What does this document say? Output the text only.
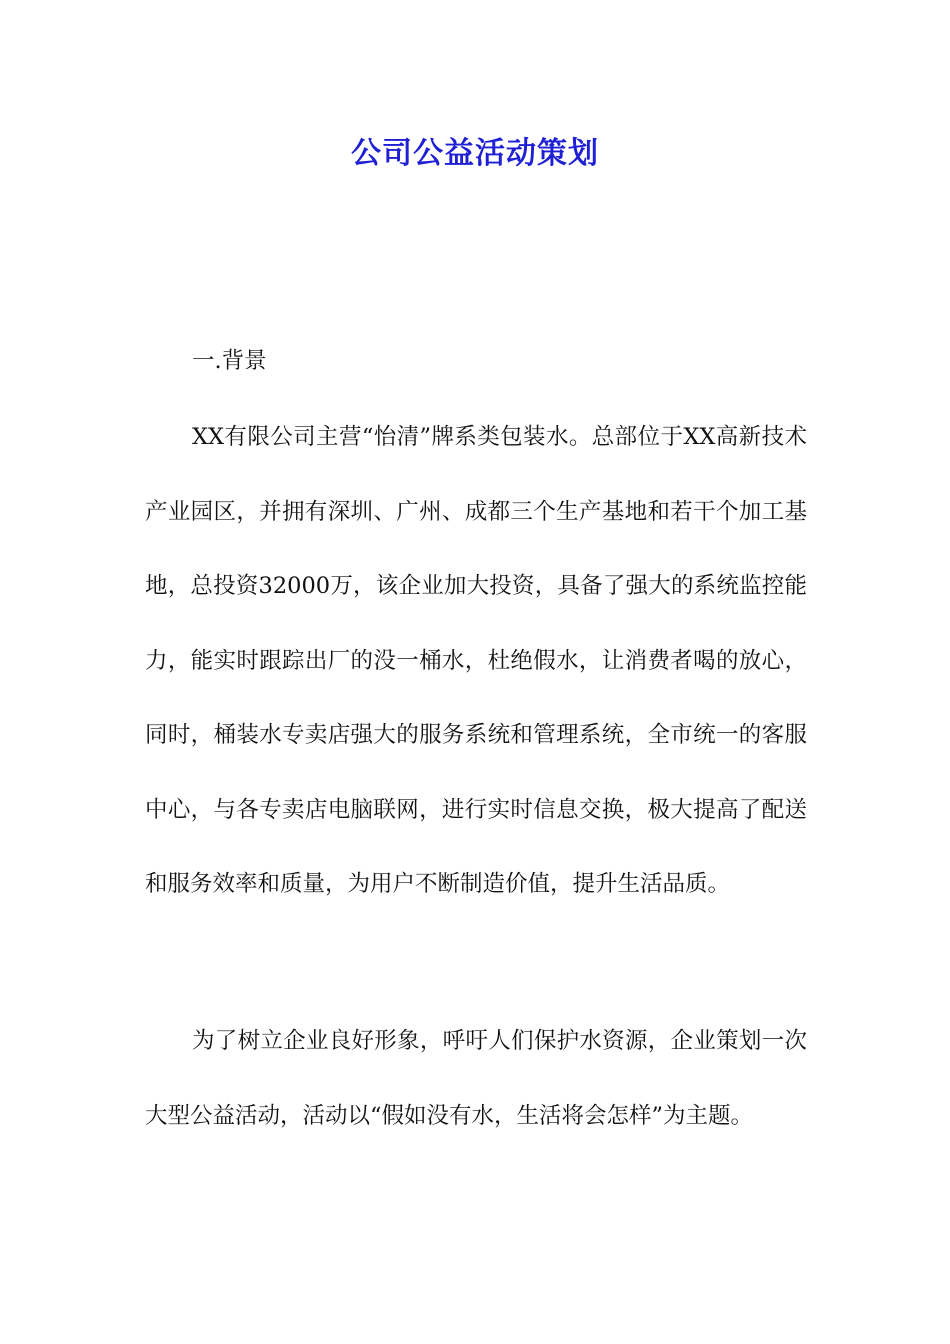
公司公益活动策划
一.背景

XX有限公司主营“怡清”牌系类包装水。总部位于XX高新技术产业园区，并拥有深圳、广州、成都三个生产基地和若干个加工基地，总投资32000万，该企业加大投资，具备了强大的系统监控能力，能实时跟踪出厂的没一桶水，杜绝假水，让消费者喝的放心，同时，桶装水专卖店强大的服务系统和管理系统，全市统一的客服中心，与各专卖店电脑联网，进行实时信息交换，极大提高了配送和服务效率和质量，为用户不断制造价值，提升生活品质。

为了树立企业良好形象，呼吁人们保护水资源，企业策划一次大型公益活动，活动以“假如没有水，生活将会怎样”为主题。
